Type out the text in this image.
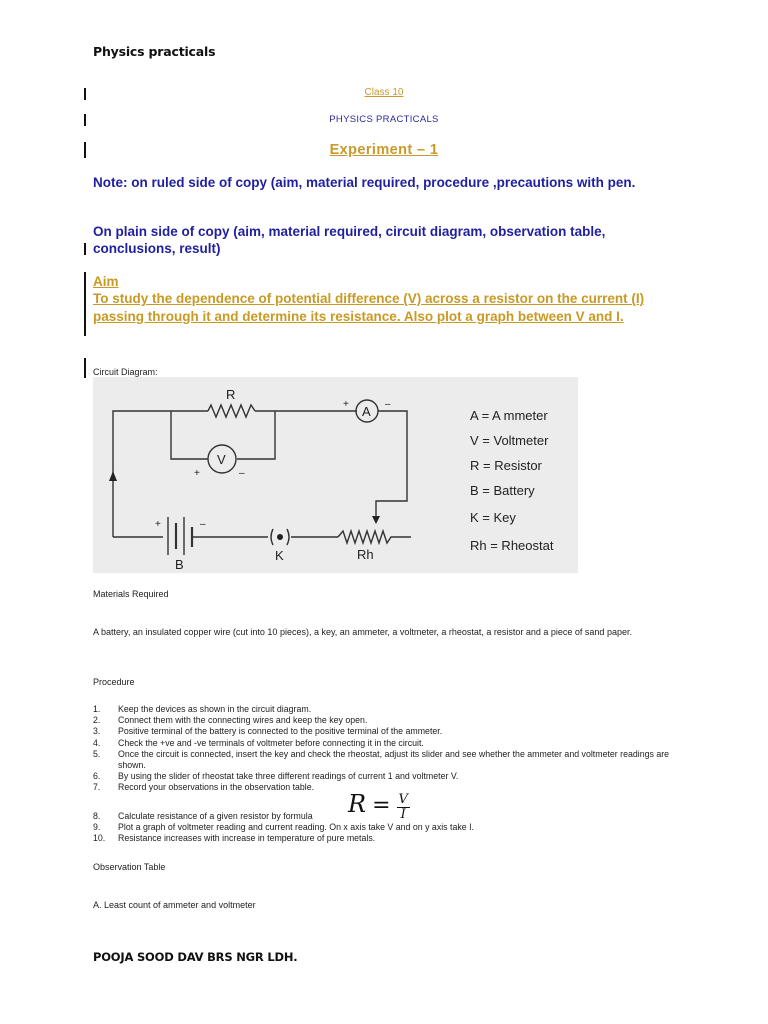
Physics practicals
Class 10
PHYSICS PRACTICALS
Experiment – 1
Note: on ruled side of copy (aim, material required, procedure ,precautions with pen.
On plain side of copy (aim, material required, circuit diagram, observation table, conclusions, result)
Aim
To study the dependence of potential difference (V) across a resistor on the current (I) passing through it and determine its resistance. Also plot a graph between V and I.
Circuit Diagram:
R
A
V
B
K	Rh
+	–
+	–
+	–
A = A mmeter
V = Voltmeter
R = Resistor
B = Battery
K = Key
Rh = Rheostat
Materials Required
A battery, an insulated copper wire (cut into 10 pieces), a key, an ammeter, a voltmeter, a rheostat, a resistor and a piece of sand paper.
Procedure
1.	Keep the devices as shown in the circuit diagram.
2.	Connect them with the connecting wires and keep the key open.
3.	Positive terminal of the battery is connected to the positive terminal of the ammeter.
4.	Check the +ve and -ve terminals of voltmeter before connecting it in the circuit.
5.	Once the circuit is connected, insert the key and check the rheostat, adjust its slider and see whether the ammeter and voltmeter readings are shown.
6.	By using the slider of rheostat take three different readings of current 1 and voltmeter V.
7.	Record your observations in the observation table.
$R = \frac{V}{I}$
8.	Calculate resistance of a given resistor by formula
9.	Plot a graph of voltmeter reading and current reading. On x axis take V and on y axis take I.
10.	Resistance increases with increase in temperature of pure metals.
Observation Table
A. Least count of ammeter and voltmeter
POOJA SOOD DAV BRS NGR LDH.
